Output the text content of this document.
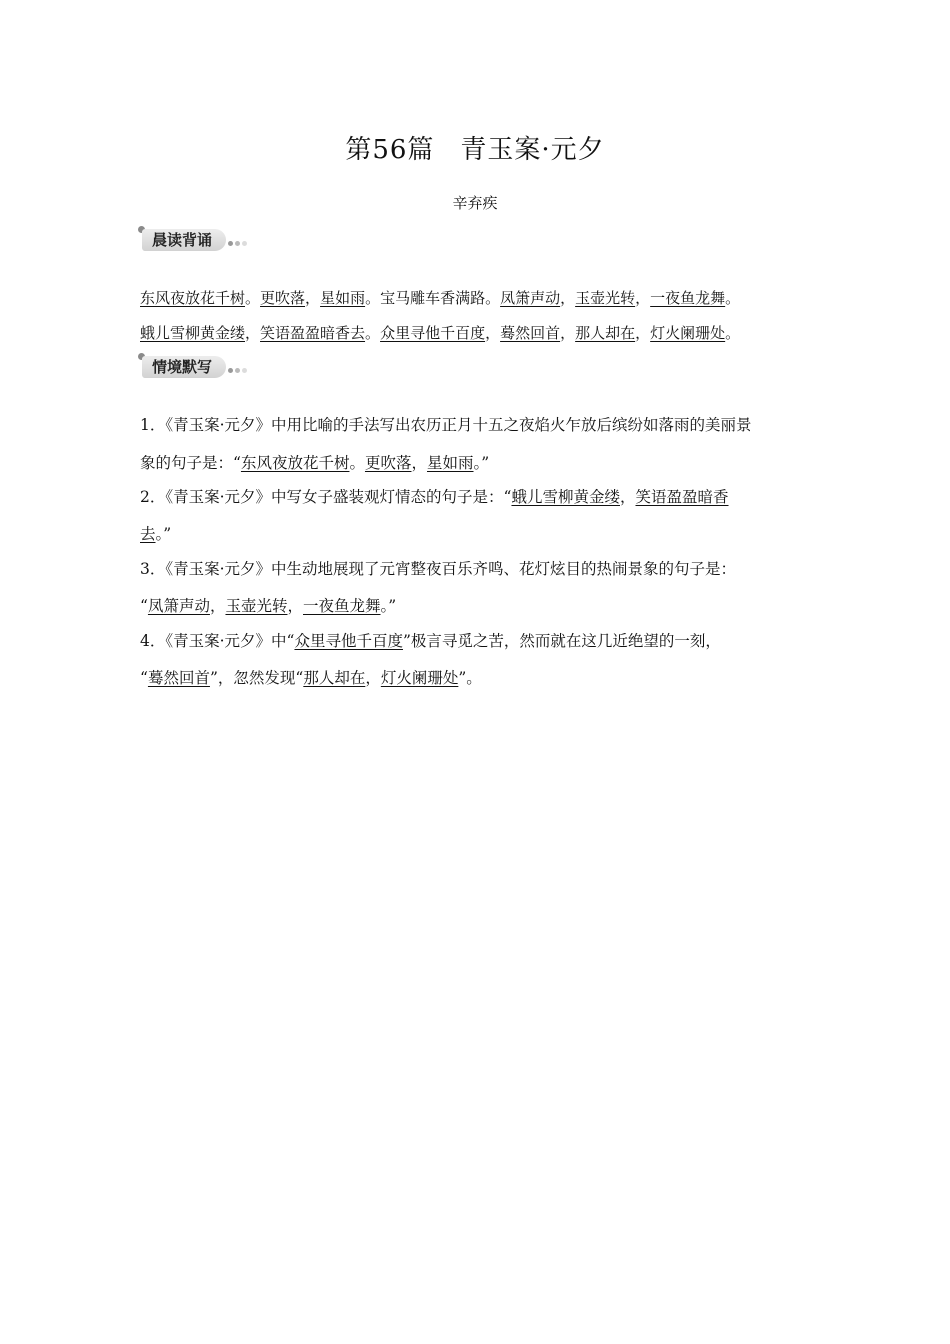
第56篇 青玉案·元夕
辛弃疾
晨读背诵
东风夜放花千树。更吹落，星如雨。宝马雕车香满路。凤箫声动，玉壶光转，一夜鱼龙舞。
蛾儿雪柳黄金缕，笑语盈盈暗香去。众里寻他千百度，蓦然回首，那人却在，灯火阑珊处。
情境默写
1．《青玉案·元夕》中用比喻的手法写出农历正月十五之夜焰火乍放后缤纷如落雨的美丽景
象的句子是：“东风夜放花千树。更吹落，星如雨。”
2．《青玉案·元夕》中写女子盛装观灯情态的句子是：“蛾儿雪柳黄金缕，笑语盈盈暗香
去。”
3．《青玉案·元夕》中生动地展现了元宵整夜百乐齐鸣、花灯炫目的热闹景象的句子是：
“凤箫声动，玉壶光转，一夜鱼龙舞。”
4．《青玉案·元夕》中“众里寻他千百度”极言寻觅之苦，然而就在这几近绝望的一刻，
“蓦然回首”，忽然发现“那人却在，灯火阑珊处”。
